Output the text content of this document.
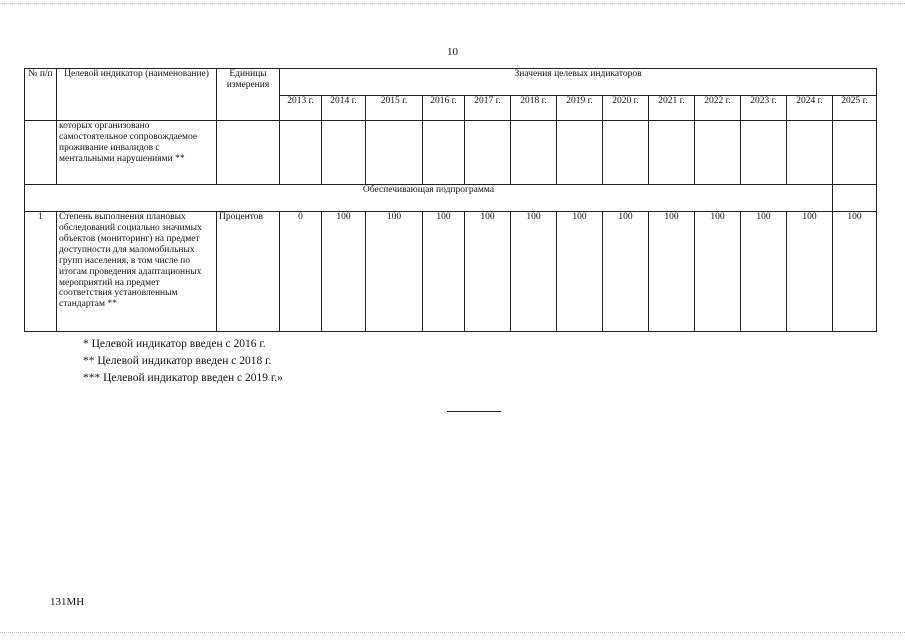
10
№ п/п	Целевой индикатор (наименование)	Единицы измерения	Значения целевых индикаторов												
			2013 г.	2014 г.	2015 г.	2016 г.	2017 г.	2018 г.	2019 г.	2020 г.	2021 г.	2022 г.	2023 г.	2024 г.	2025 г.
	которых организовано самостоятельное сопровождаемое проживание инвалидов с ментальными нарушениями **														
Обеспечивающая подпрограмма															
1	Степень выполнения плановых обследований социально значимых объектов (мониторинг) на предмет доступности для маломобильных групп населения, в том числе по итогам проведения адаптационных мероприятий на предмет соответствия установленным стандартам **	Процентов	0	100	100	100	100	100	100	100	100	100	100	100	100
* Целевой индикатор введен с 2016 г.
** Целевой индикатор введен с 2018 г.
*** Целевой индикатор введен с 2019 г.»
131МН
